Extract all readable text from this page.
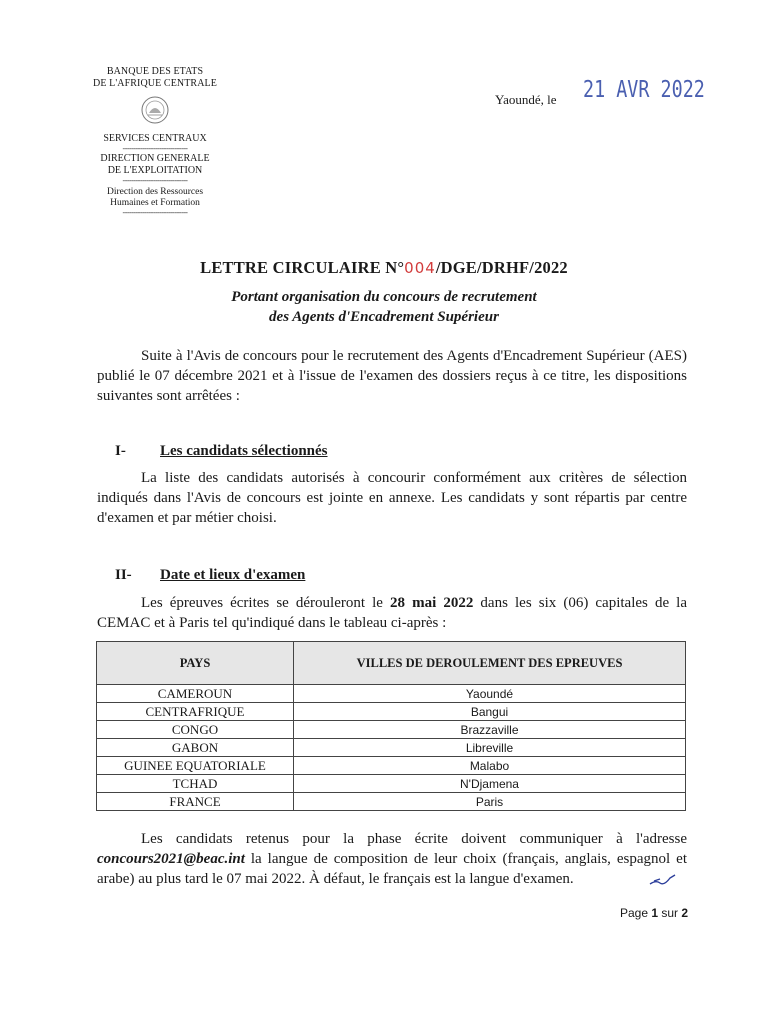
BANQUE DES ETATS
DE L'AFRIQUE CENTRALE
SERVICES CENTRAUX
------------------------------
DIRECTION GENERALE
DE L'EXPLOITATION
------------------------------
Direction des Ressources
Humaines et Formation
------------------------------
Yaoundé, le 21 AVR 2022
LETTRE CIRCULAIRE N°004/DGE/DRHF/2022
Portant organisation du concours de recrutement
des Agents d'Encadrement Supérieur
Suite à l'Avis de concours pour le recrutement des Agents d'Encadrement Supérieur (AES) publié le 07 décembre 2021 et à l'issue de l'examen des dossiers reçus à ce titre, les dispositions suivantes sont arrêtées :
I- Les candidats sélectionnés
La liste des candidats autorisés à concourir conformément aux critères de sélection indiqués dans l'Avis de concours est jointe en annexe. Les candidats y sont répartis par centre d'examen et par métier choisi.
II- Date et lieux d'examen
Les épreuves écrites se dérouleront le 28 mai 2022 dans les six (06) capitales de la CEMAC et à Paris tel qu'indiqué dans le tableau ci-après :
PAYS	VILLES DE DEROULEMENT DES EPREUVES
CAMEROUN	Yaoundé
CENTRAFRIQUE	Bangui
CONGO	Brazzaville
GABON	Libreville
GUINEE EQUATORIALE	Malabo
TCHAD	N'Djamena
FRANCE	Paris
Les candidats retenus pour la phase écrite doivent communiquer à l'adresse concours2021@beac.int la langue de composition de leur choix (français, anglais, espagnol et arabe) au plus tard le 07 mai 2022. À défaut, le français est la langue d'examen.
Page 1 sur 2
